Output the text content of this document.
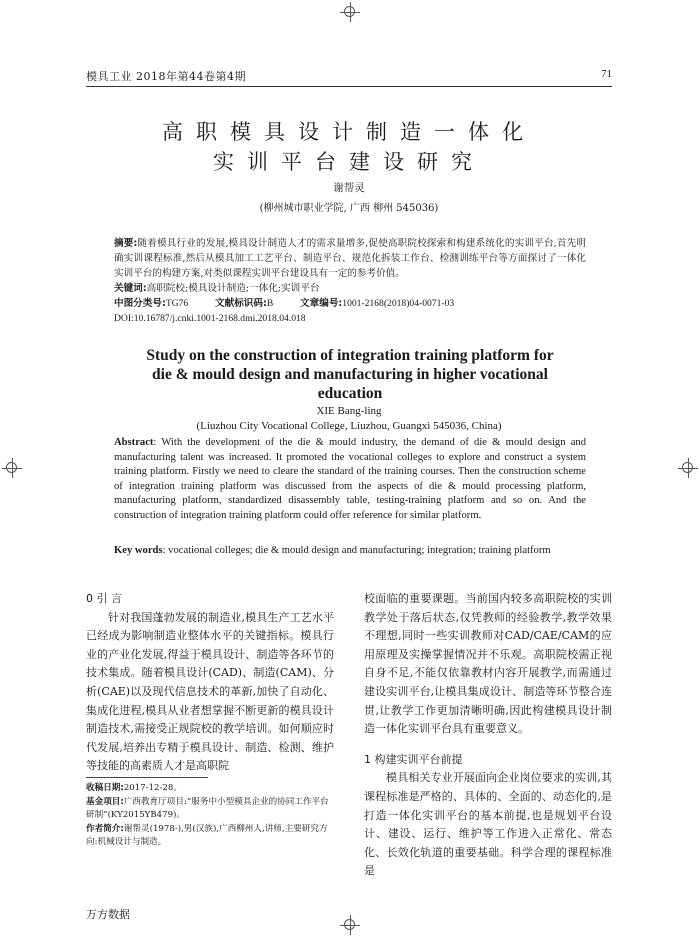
模具工业 2018年第44卷第4期	71
高职模具设计制造一体化
实训平台建设研究
谢帮灵
(柳州城市职业学院, 广西 柳州 545036)
摘要:随着模具行业的发展,模具设计制造人才的需求量增多,促使高职院校探索和构建系统化的实训平台,首先明确实训课程标准,然后从模具加工工艺平台、制造平台、规范化拆装工作台、检测训练平台等方面探讨了一体化实训平台的构建方案,对类似课程实训平台建设具有一定的参考价值。
关键词:高职院校;模具设计制造;一体化;实训平台
中图分类号:TG76	文献标识码:B	文章编号:1001-2168(2018)04-0071-03
DOI:10.16787/j.cnki.1001-2168.dmi.2018.04.018
Study on the construction of integration training platform for
die & mould design and manufacturing in higher vocational
education
XIE Bang-ling
(Liuzhou City Vocational College, Liuzhou, Guangxi 545036, China)
Abstract: With the development of the die & mould industry, the demand of die & mould design and manufacturing talent was increased. It promoted the vocational colleges to explore and construct a system training platform. Firstly we need to cleare the standard of the training courses. Then the construction scheme of integration training platform was discussed from the aspects of die & mould processing platform, manufacturing platform, standardized disassembly table, testing-training platform and so on. And the construction of integration training platform could offer reference for similar platform.
Key words: vocational colleges; die & mould design and manufacturing; integration; training platform
0 引 言
针对我国蓬勃发展的制造业,模具生产工艺水平已经成为影响制造业整体水平的关键指标。模具行业的产业化发展,得益于模具设计、制造等各环节的技术集成。随着模具设计(CAD)、制造(CAM)、分析(CAE)以及现代信息技术的革新,加快了自动化、集成化进程,模具从业者想掌握不断更新的模具设计制造技术,需接受正规院校的教学培训。如何顺应时代发展,培养出专精于模具设计、制造、检测、维护等技能的高素质人才是高职院
收稿日期:2017-12-28。
基金项目:广西教育厅项目:“服务中小型模具企业的协同工作平台研制”(KY2015YB479)。
作者简介:谢帮灵(1978-),男(汉族),广西柳州人,讲师,主要研究方向:机械设计与制造。
校面临的重要课题。当前国内较多高职院校的实训教学处于落后状态,仅凭教师的经验教学,教学效果不理想,同时一些实训教师对CAD/CAE/CAM的应用原理及实操掌握情况并不乐观。高职院校需正视自身不足,不能仅依靠教材内容开展教学,而需通过建设实训平台,让模具集成设计、制造等环节整合连贯,让教学工作更加清晰明确,因此构建模具设计制造一体化实训平台具有重要意义。
1 构建实训平台前提
模具相关专业开展面向企业岗位要求的实训,其课程标准是严格的、具体的、全面的、动态化的,是打造一体化实训平台的基本前提,也是规划平台设计、建设、运行、维护等工作进入正常化、常态化、长效化轨道的重要基础。科学合理的课程标准是
万方数据
